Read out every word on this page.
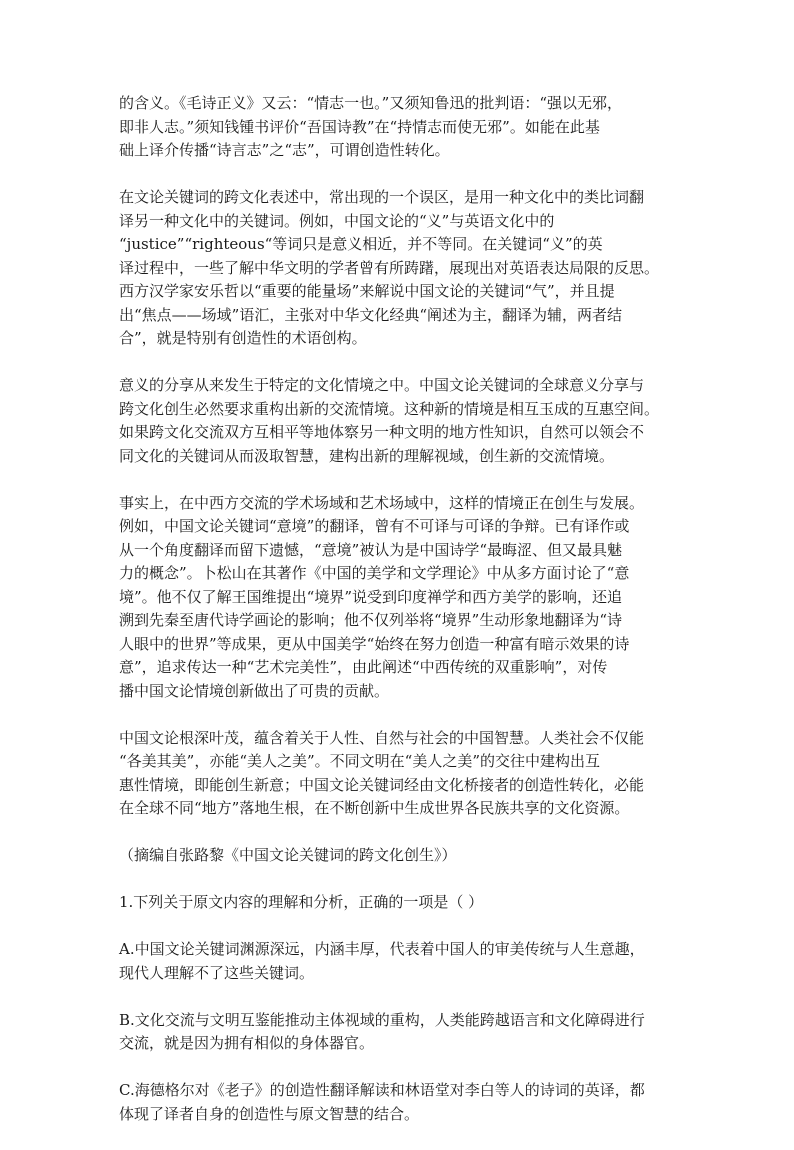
的含义。《毛诗正义》又云：“情志一也。”又须知鲁迅的批判语：“强以无邪，
即非人志。”须知钱锺书评价“吾国诗教”在“持情志而使无邪”。如能在此基
础上译介传播“诗言志”之“志”，可谓创造性转化。

在文论关键词的跨文化表述中，常出现的一个误区，是用一种文化中的类比词翻
译另一种文化中的关键词。例如，中国文论的“义”与英语文化中的
“justice”“righteous“等词只是意义相近，并不等同。在关键词“义”的英
译过程中，一些了解中华文明的学者曾有所踌躇，展现出对英语表达局限的反思。
西方汉学家安乐哲以“重要的能量场”来解说中国文论的关键词“气”，并且提
出“焦点——场域”语汇，主张对中华文化经典“阐述为主，翻译为辅，两者结
合”，就是特别有创造性的术语创构。

意义的分享从来发生于特定的文化情境之中。中国文论关键词的全球意义分享与
跨文化创生必然要求重构出新的交流情境。这种新的情境是相互玉成的互惠空间。
如果跨文化交流双方互相平等地体察另一种文明的地方性知识，自然可以领会不
同文化的关键词从而汲取智慧，建构出新的理解视域，创生新的交流情境。

事实上，在中西方交流的学术场域和艺术场域中，这样的情境正在创生与发展。
例如，中国文论关键词“意境”的翻译，曾有不可译与可译的争辩。已有译作或
从一个角度翻译而留下遗憾，“意境”被认为是中国诗学“最晦涩、但又最具魅
力的概念”。卜松山在其著作《中国的美学和文学理论》中从多方面讨论了“意
境”。他不仅了解王国维提出“境界”说受到印度禅学和西方美学的影响，还追
溯到先秦至唐代诗学画论的影响；他不仅列举将“境界”生动形象地翻译为“诗
人眼中的世界”等成果，更从中国美学“始终在努力创造一种富有暗示效果的诗
意”，追求传达一种“艺术完美性”，由此阐述“中西传统的双重影响”，对传
播中国文论情境创新做出了可贵的贡献。

中国文论根深叶茂，蕴含着关于人性、自然与社会的中国智慧。人类社会不仅能
“各美其美”，亦能“美人之美”。不同文明在“美人之美”的交往中建构出互
惠性情境，即能创生新意；中国文论关键词经由文化桥接者的创造性转化，必能
在全球不同“地方”落地生根，在不断创新中生成世界各民族共享的文化资源。

（摘编自张路黎《中国文论关键词的跨文化创生》）

1.下列关于原文内容的理解和分析，正确的一项是（ ）

A.中国文论关键词渊源深远，内涵丰厚，代表着中国人的审美传统与人生意趣，
现代人理解不了这些关键词。

B.文化交流与文明互鉴能推动主体视域的重构，人类能跨越语言和文化障碍进行
交流，就是因为拥有相似的身体器官。

C.海德格尔对《老子》的创造性翻译解读和林语堂对李白等人的诗词的英译，都
体现了译者自身的创造性与原文智慧的结合。
